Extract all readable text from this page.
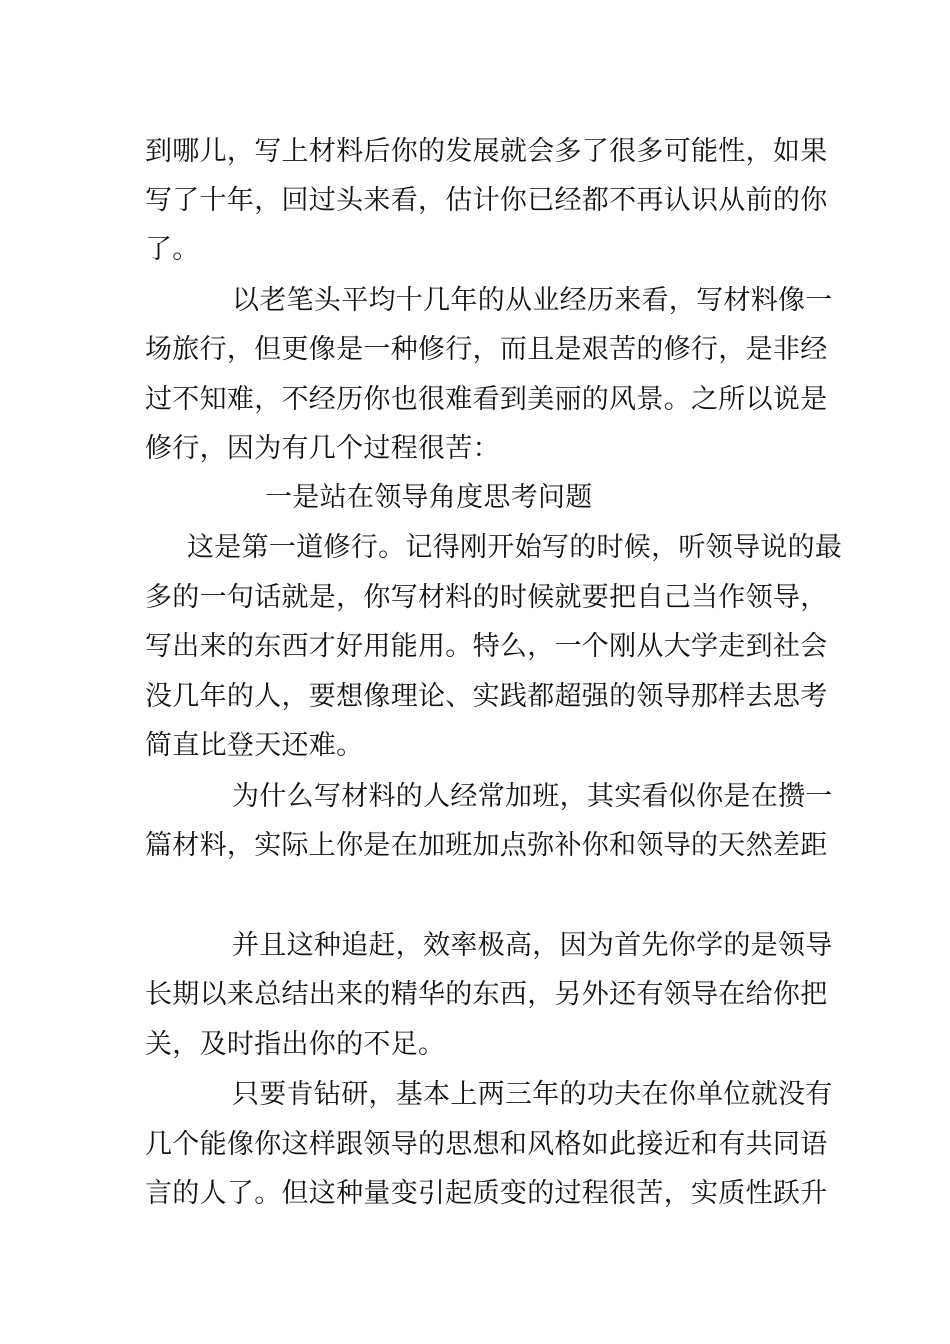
到哪儿，写上材料后你的发展就会多了很多可能性，如果
写了十年，回过头来看，估计你已经都不再认识从前的你
了。
以老笔头平均十几年的从业经历来看，写材料像一
场旅行，但更像是一种修行，而且是艰苦的修行，是非经
过不知难，不经历你也很难看到美丽的风景。之所以说是
修行，因为有几个过程很苦：
一是站在领导角度思考问题
这是第一道修行。记得刚开始写的时候，听领导说的最
多的一句话就是，你写材料的时候就要把自己当作领导，
写出来的东西才好用能用。特么，一个刚从大学走到社会
没几年的人，要想像理论、实践都超强的领导那样去思考
简直比登天还难。
为什么写材料的人经常加班，其实看似你是在攒一
篇材料，实际上你是在加班加点弥补你和领导的天然差距
并且这种追赶，效率极高，因为首先你学的是领导
长期以来总结出来的精华的东西，另外还有领导在给你把
关，及时指出你的不足。
只要肯钻研，基本上两三年的功夫在你单位就没有
几个能像你这样跟领导的思想和风格如此接近和有共同语
言的人了。但这种量变引起质变的过程很苦，实质性跃升
